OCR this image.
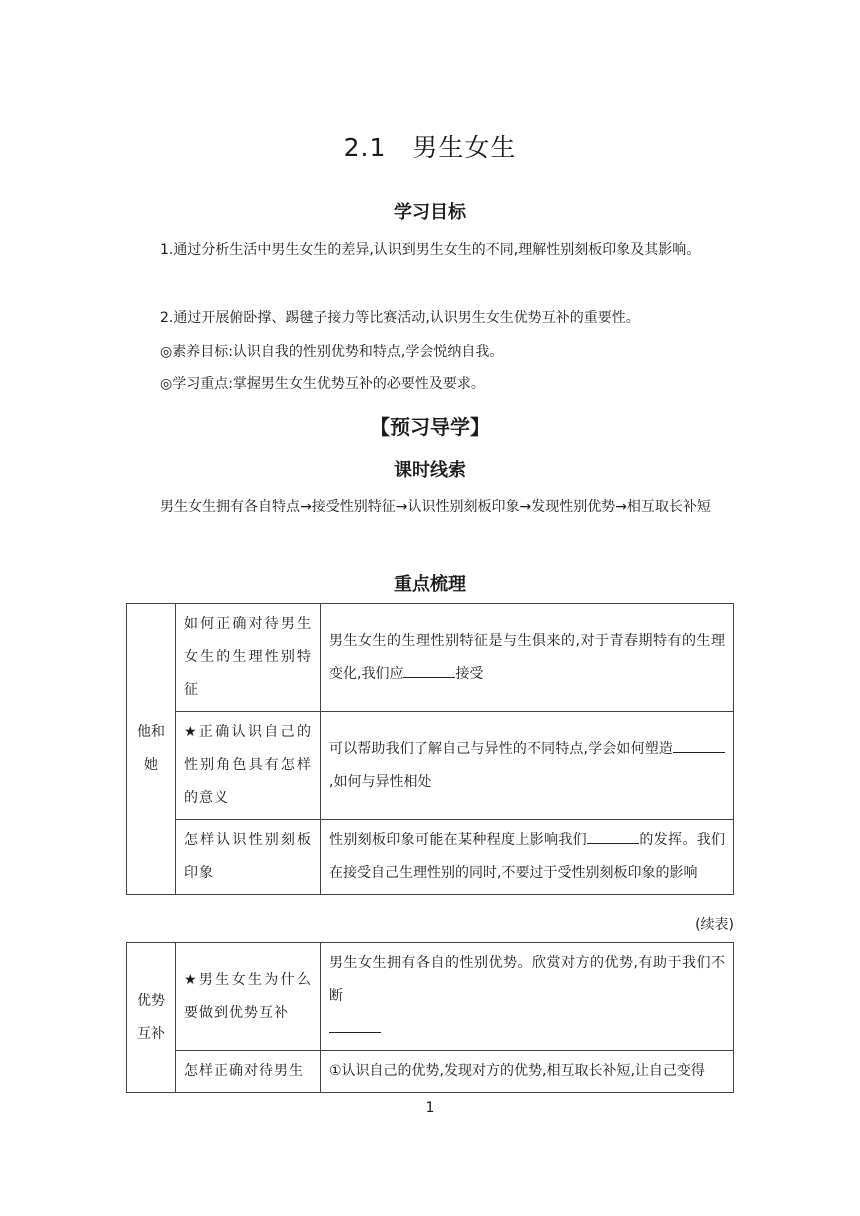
2.1　男生女生
学习目标
1.通过分析生活中男生女生的差异,认识到男生女生的不同,理解性别刻板印象及其影响。
2.通过开展俯卧撑、踢毽子接力等比赛活动,认识男生女生优势互补的重要性。
◎素养目标:认识自我的性别优势和特点,学会悦纳自我。
◎学习重点:掌握男生女生优势互补的必要性及要求。
【预习导学】
课时线索
男生女生拥有各自特点→接受性别特征→认识性别刻板印象→发现性别优势→相互取长补短
重点梳理
他和她	如何正确对待男生女生的生理性别特征	男生女生的生理性别特征是与生俱来的,对于青春期特有的生理变化,我们应 接受
	★正确认识自己的性别角色具有怎样的意义	可以帮助我们了解自己与异性的不同特点,学会如何塑造,如何与异性相处
	怎样认识性别刻板印象	性别刻板印象可能在某种程度上影响我们 的发挥。我们在接受自己生理性别的同时,不要过于受性别刻板印象的影响
(续表)
优势互补	★男生女生为什么要做到优势互补	男生女生拥有各自的性别优势。欣赏对方的优势,有助于我们不断

	怎样正确对待男生	①认识自己的优势,发现对方的优势,相互取长补短,让自己变得
1
